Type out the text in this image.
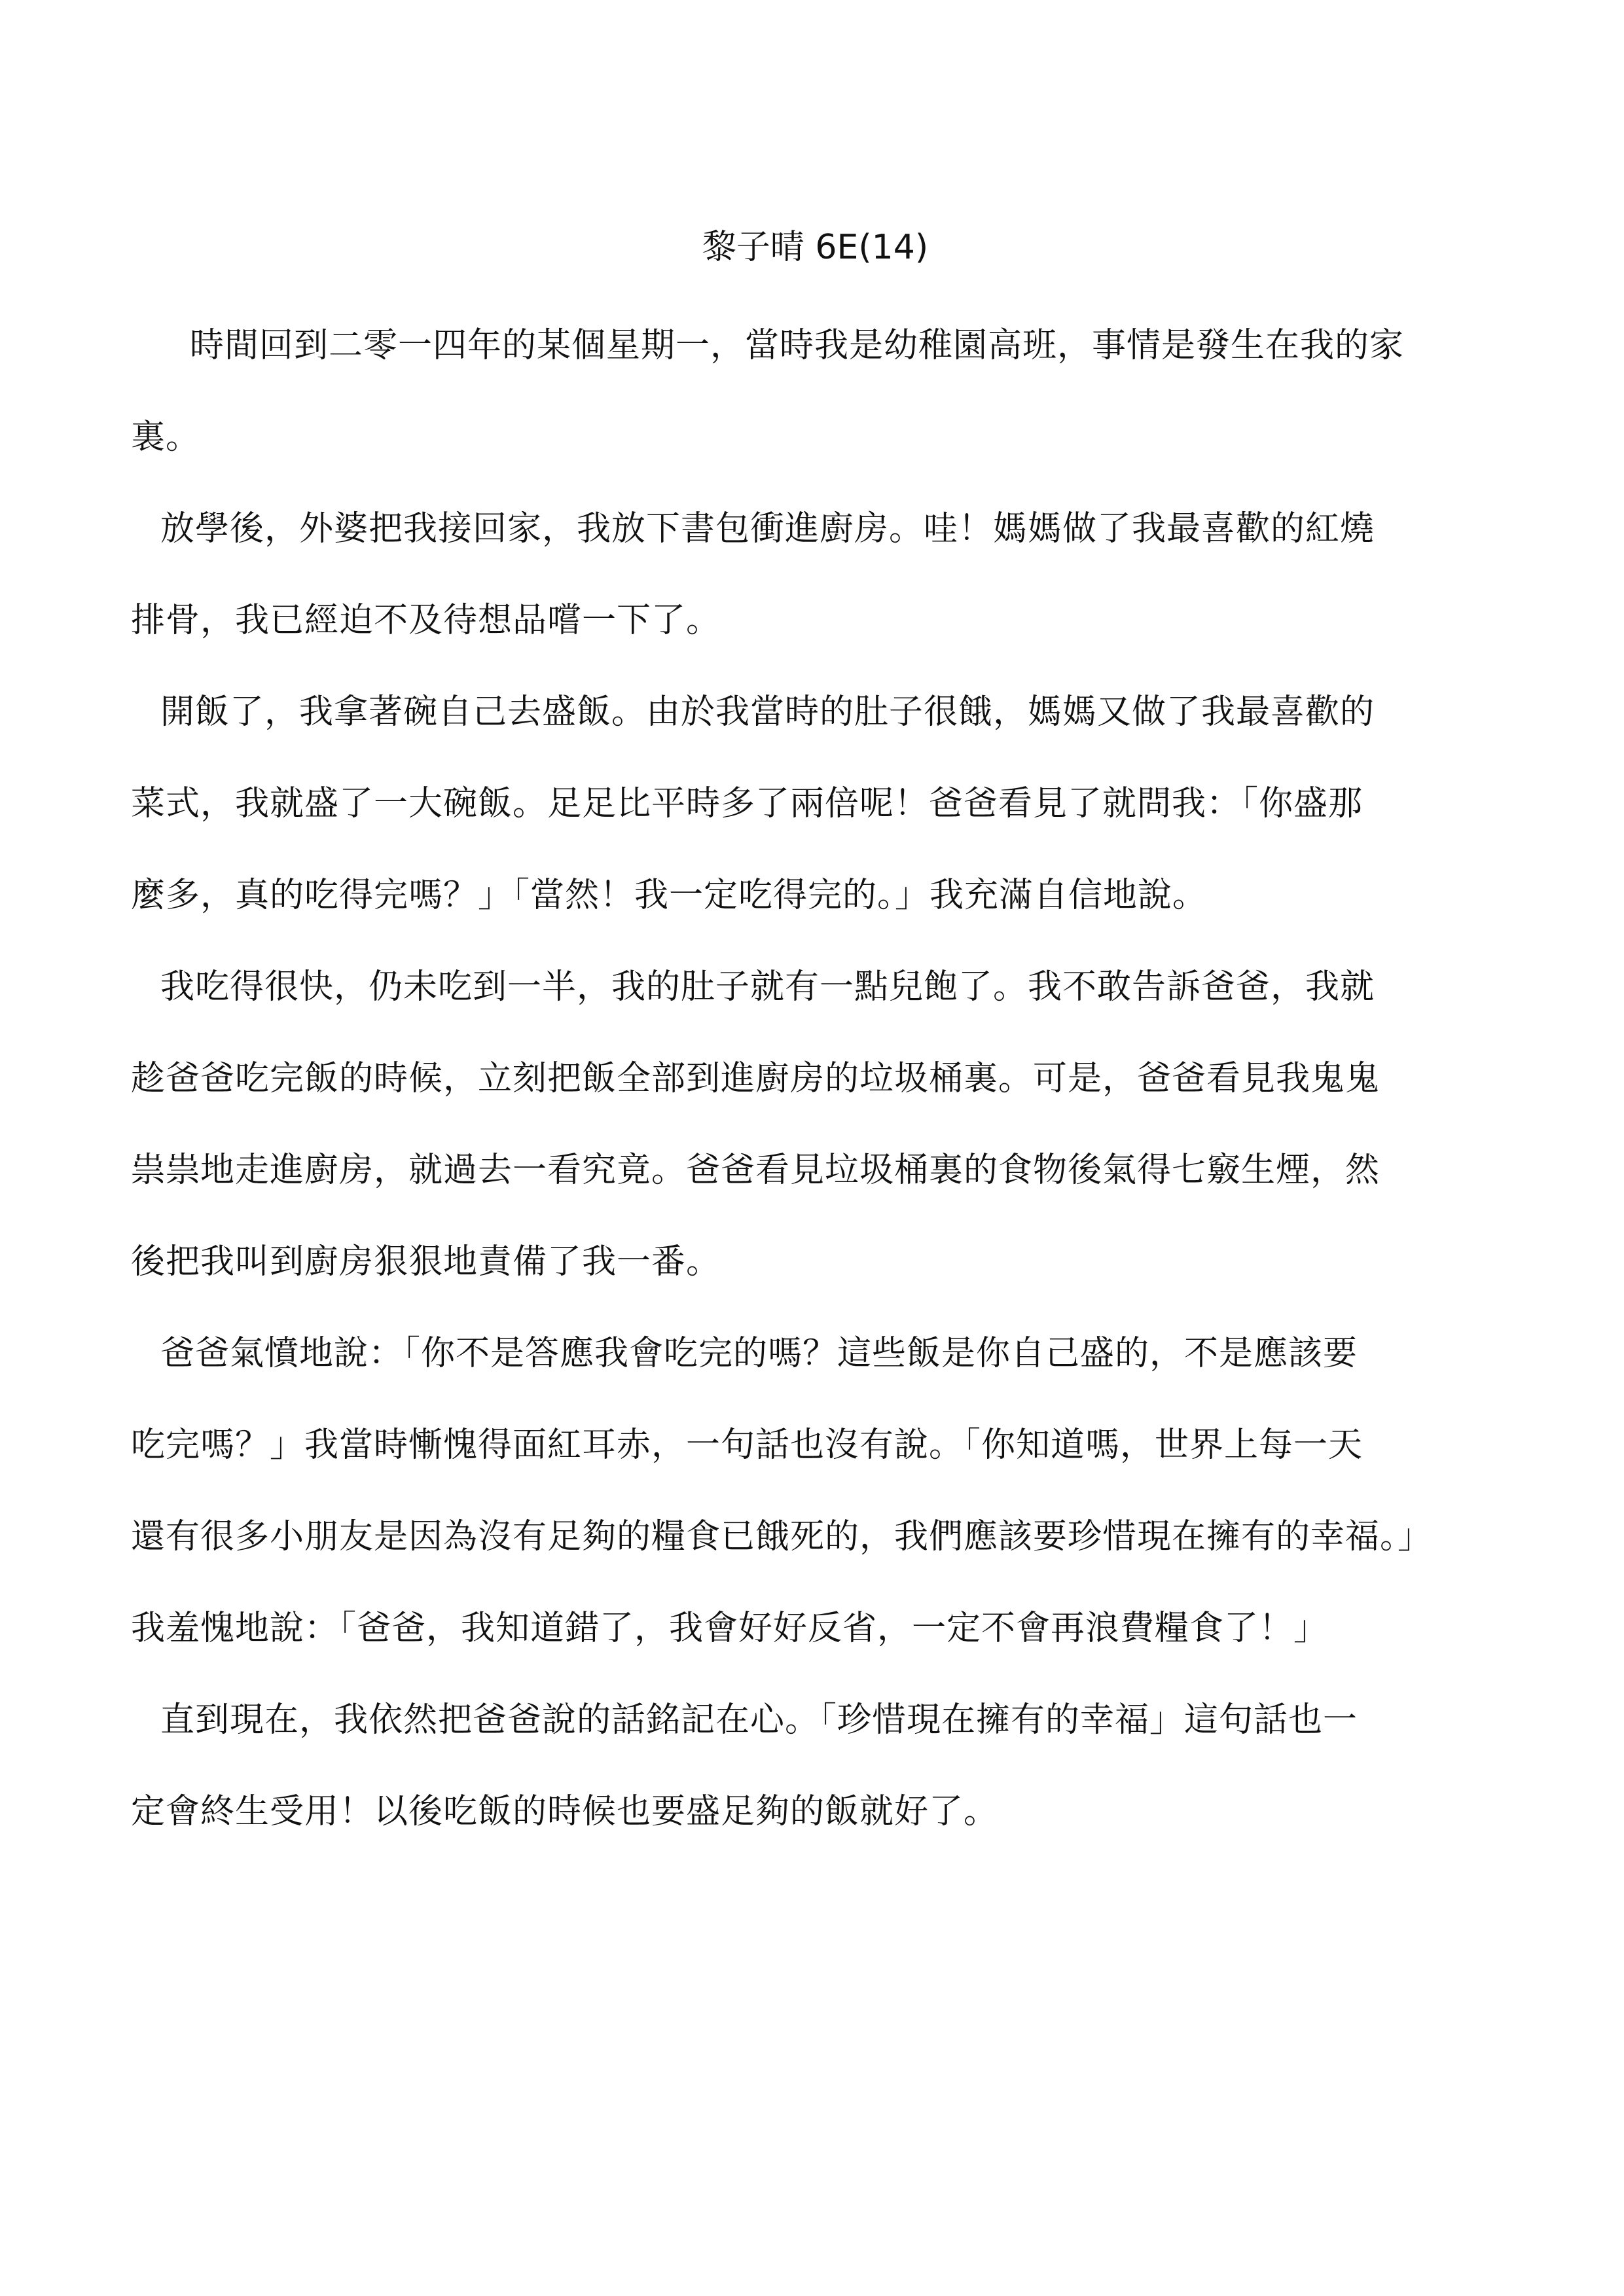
黎子晴 6E(14)
時間回到二零一四年的某個星期一，當時我是幼稚園高班，事情是發生在我的家
裏。
放學後，外婆把我接回家，我放下書包衝進廚房。哇！媽媽做了我最喜歡的紅燒
排骨，我已經迫不及待想品嚐一下了。
開飯了，我拿著碗自己去盛飯。由於我當時的肚子很餓，媽媽又做了我最喜歡的
菜式，我就盛了一大碗飯。足足比平時多了兩倍呢！爸爸看見了就問我：「你盛那
麼多，真的吃得完嗎？」「當然！我一定吃得完的。」我充滿自信地說。
我吃得很快，仍未吃到一半，我的肚子就有一點兒飽了。我不敢告訴爸爸，我就
趁爸爸吃完飯的時候，立刻把飯全部到進廚房的垃圾桶裏。可是，爸爸看見我鬼鬼
祟祟地走進廚房，就過去一看究竟。爸爸看見垃圾桶裏的食物後氣得七竅生煙，然
後把我叫到廚房狠狠地責備了我一番。
爸爸氣憤地說：「你不是答應我會吃完的嗎？這些飯是你自己盛的，不是應該要
吃完嗎？」我當時慚愧得面紅耳赤，一句話也沒有說。「你知道嗎，世界上每一天
還有很多小朋友是因為沒有足夠的糧食已餓死的，我們應該要珍惜現在擁有的幸福。」
我羞愧地說：「爸爸，我知道錯了，我會好好反省，一定不會再浪費糧食了！」
直到現在，我依然把爸爸說的話銘記在心。「珍惜現在擁有的幸福」這句話也一
定會終生受用！以後吃飯的時候也要盛足夠的飯就好了。
